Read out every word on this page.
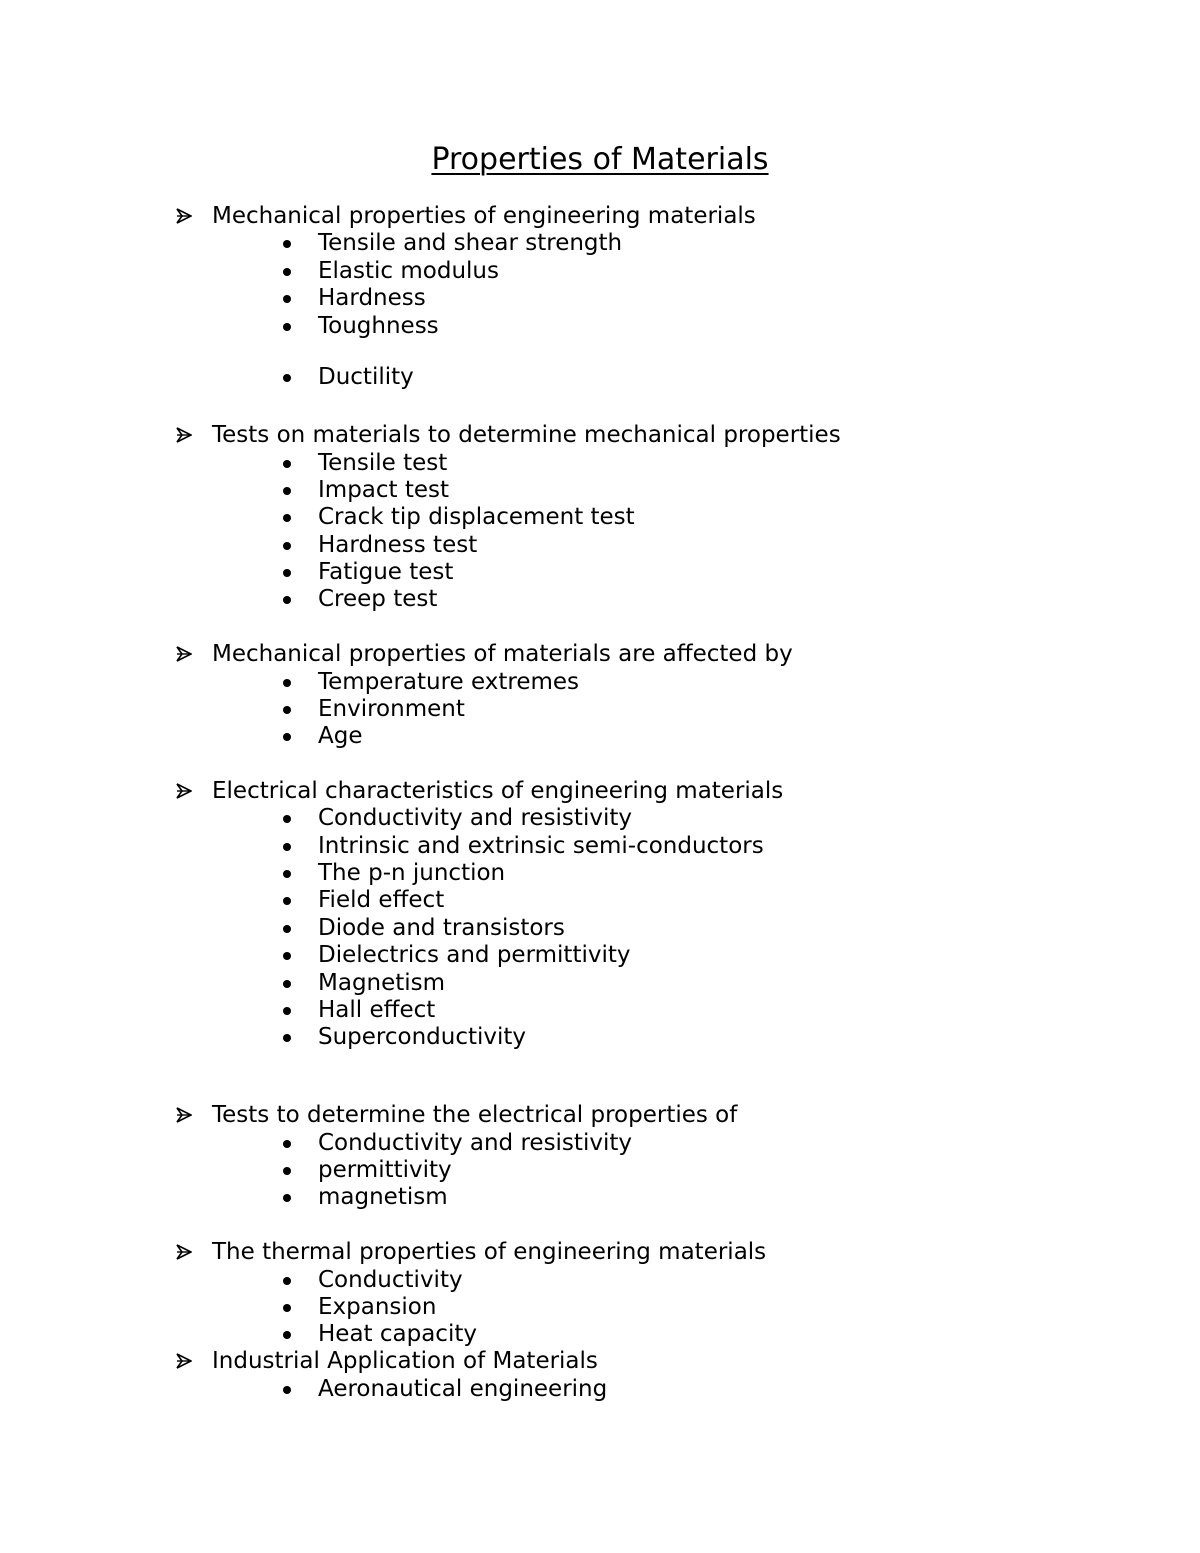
Properties of Materials
Mechanical properties of engineering materials
Tensile and shear strength
Elastic modulus
Hardness
Toughness
Ductility
Tests on materials to determine mechanical properties
Tensile test
Impact test
Crack tip displacement test
Hardness test
Fatigue test
Creep test
Mechanical properties of materials are affected by
Temperature extremes
Environment
Age
Electrical characteristics of engineering materials
Conductivity and resistivity
Intrinsic and extrinsic semi-conductors
The p-n junction
Field effect
Diode and transistors
Dielectrics and permittivity
Magnetism
Hall effect
Superconductivity
Tests to determine the electrical properties of
Conductivity and resistivity
permittivity
magnetism
The thermal properties of engineering materials
Conductivity
Expansion
Heat capacity
Industrial Application of Materials
Aeronautical engineering
